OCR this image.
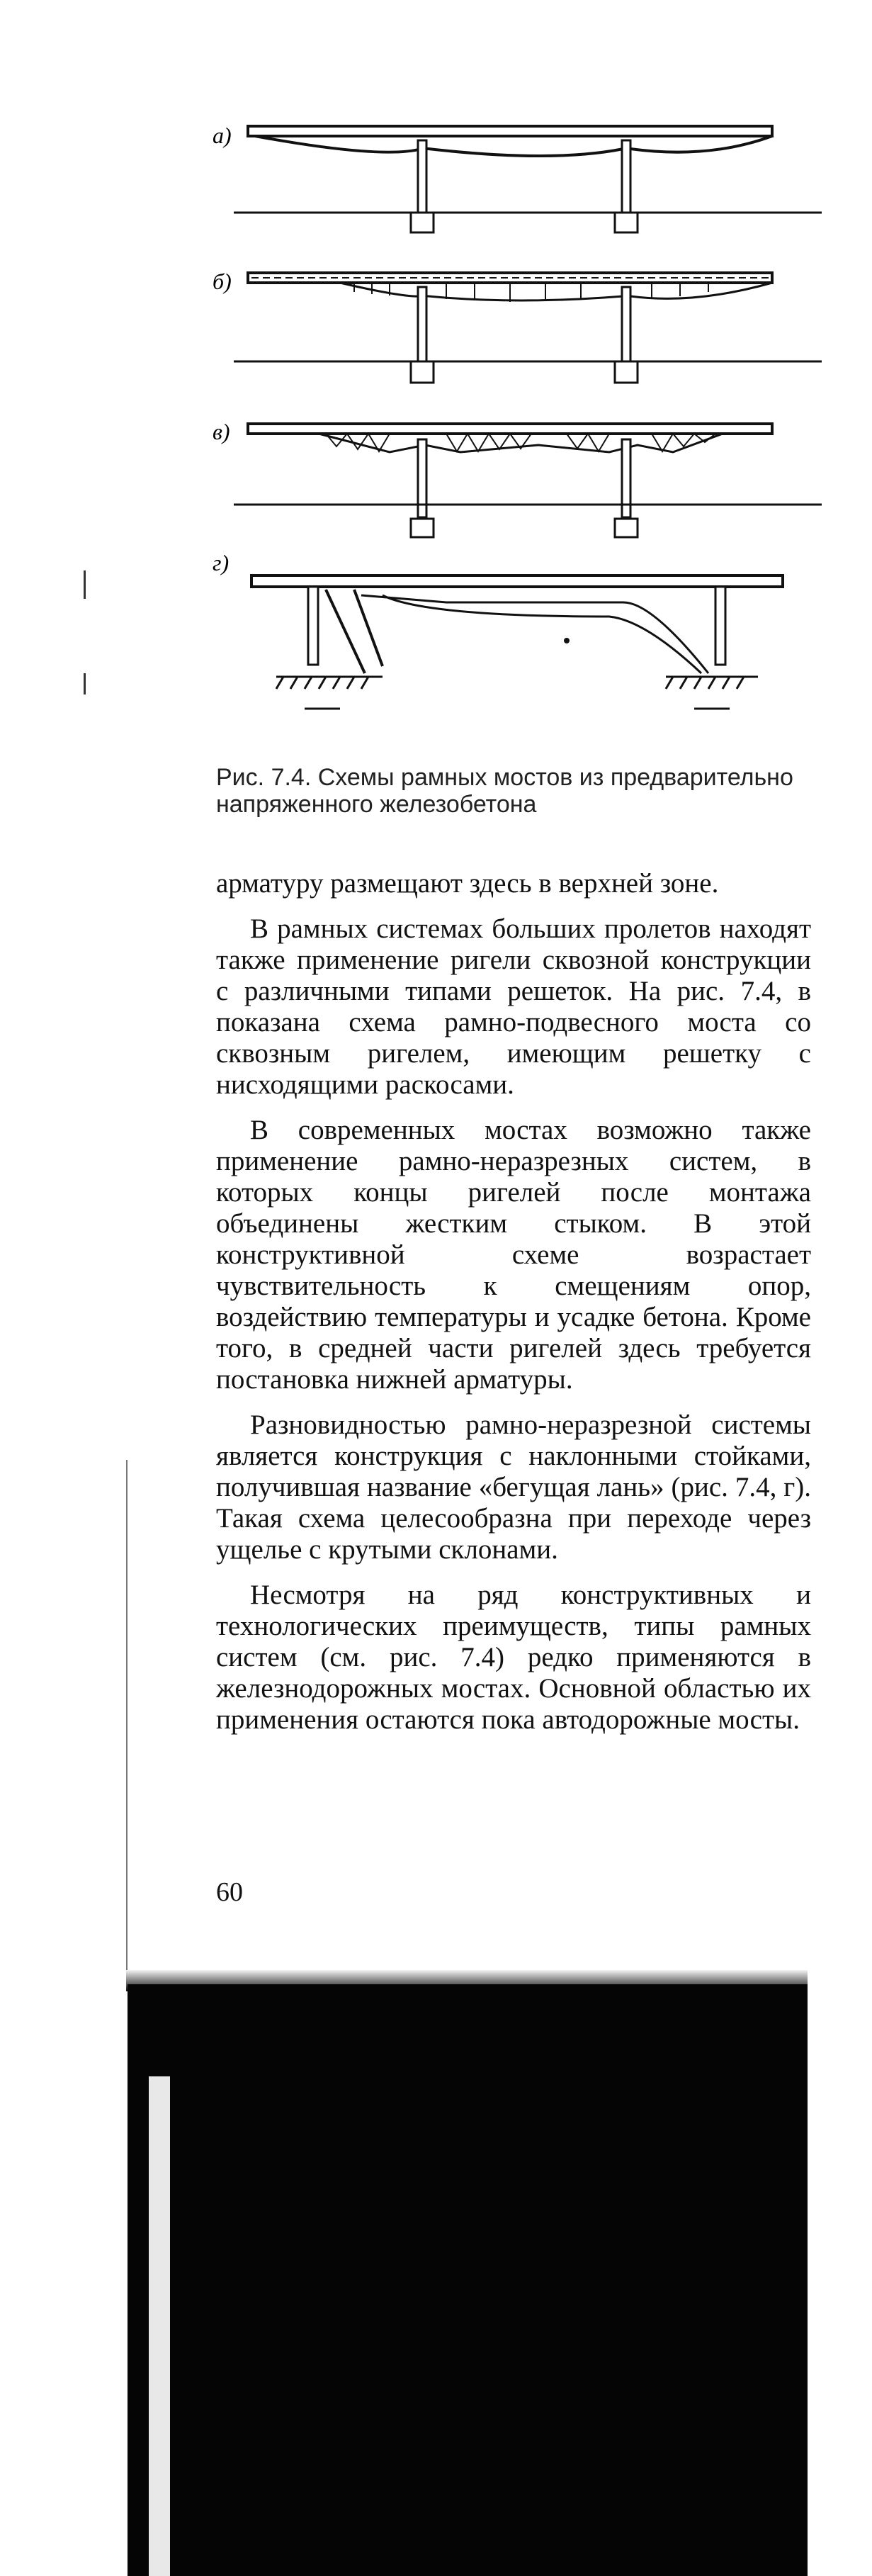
а)
б)
в)
г)
Рис. 7.4. Схемы рамных мостов из предварительно напряженного железобетона

арматуру размещают здесь в верхней зоне.

В рамных системах больших пролетов находят также применение ригели сквозной конструкции с различными типами решеток. На рис. 7.4, в показана схема рамно-подвесного моста со сквозным ригелем, имеющим решетку с нисходящими раскосами.

В современных мостах возможно также применение рамно-неразрезных систем, в которых концы ригелей после монтажа объединены жестким стыком. В этой конструктивной схеме возрастает чувствительность к смещениям опор, воздействию температуры и усадке бетона. Кроме того, в средней части ригелей здесь требуется постановка нижней арматуры.

Разновидностью рамно-неразрезной системы является конструкция с наклонными стойками, получившая название «бегущая лань» (рис. 7.4, г). Такая схема целесообразна при переходе через ущелье с крутыми склонами.

Несмотря на ряд конструктивных и технологических преимуществ, типы рамных систем (см. рис. 7.4) редко применяются в железнодорожных мостах. Основной областью их применения остаются пока автодорожные мосты.

60
